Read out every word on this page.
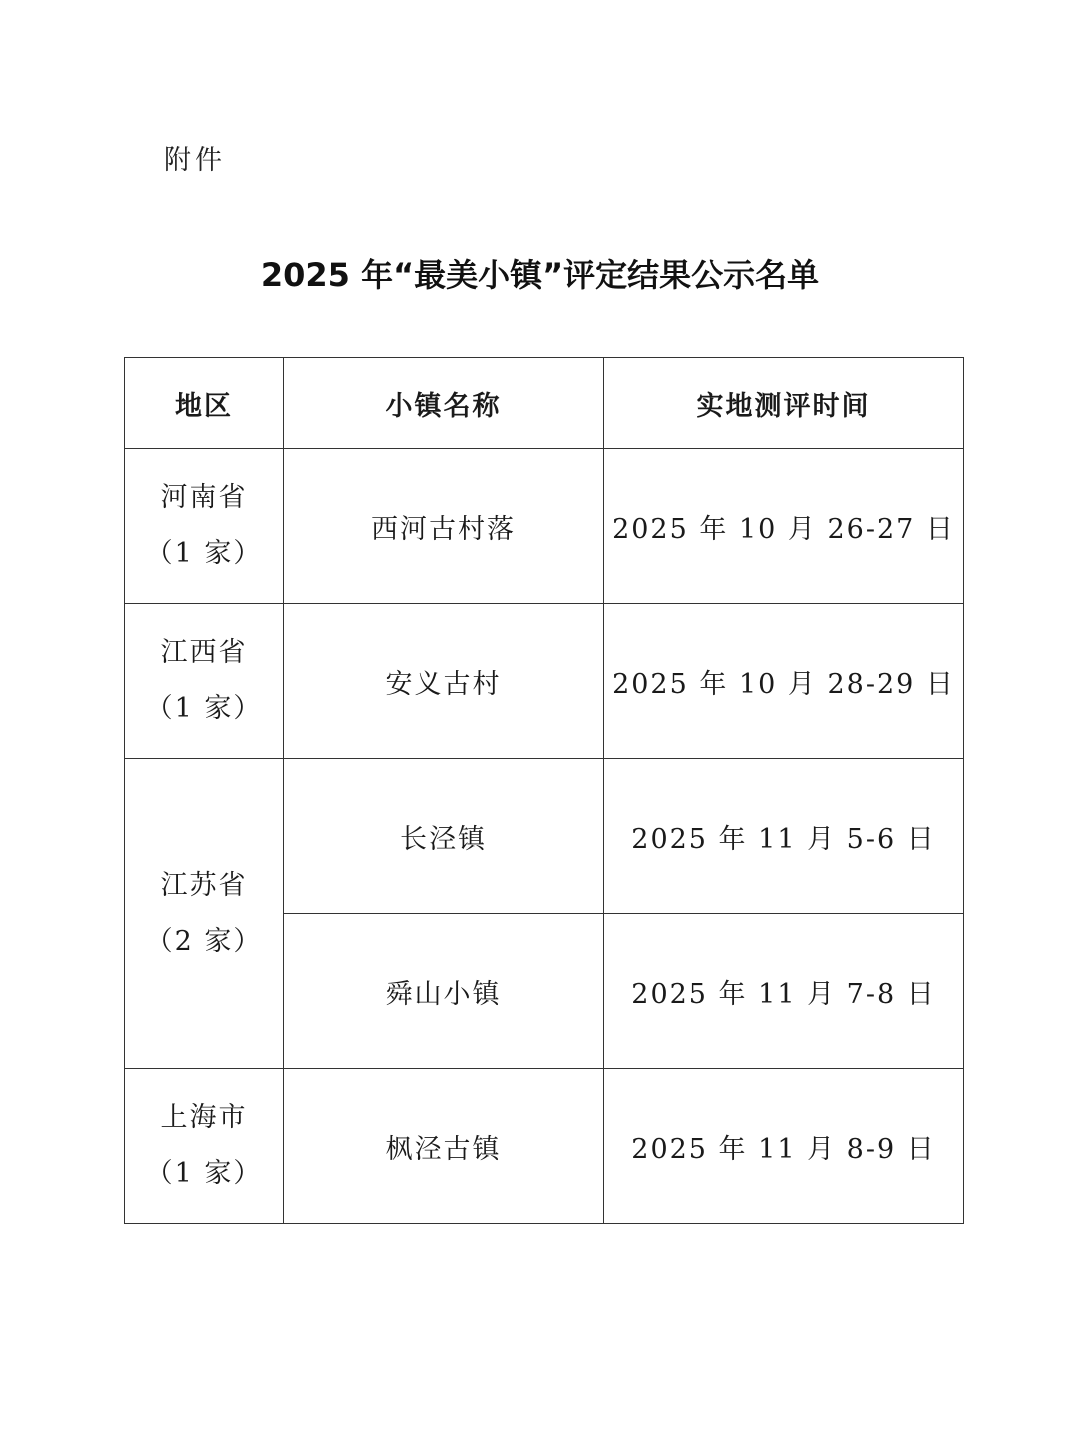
附件
2025 年“最美小镇”评定结果公示名单
地区	小镇名称	实地测评时间

河南省
（1 家）	西河古村落	2025 年 10 月 26-27 日

江西省
（1 家）	安义古村	2025 年 10 月 28-29 日

江苏省
（2 家）	长泾镇	2025 年 11 月 5-6 日
	舜山小镇	2025 年 11 月 7-8 日

上海市
（1 家）	枫泾古镇	2025 年 11 月 8-9 日
